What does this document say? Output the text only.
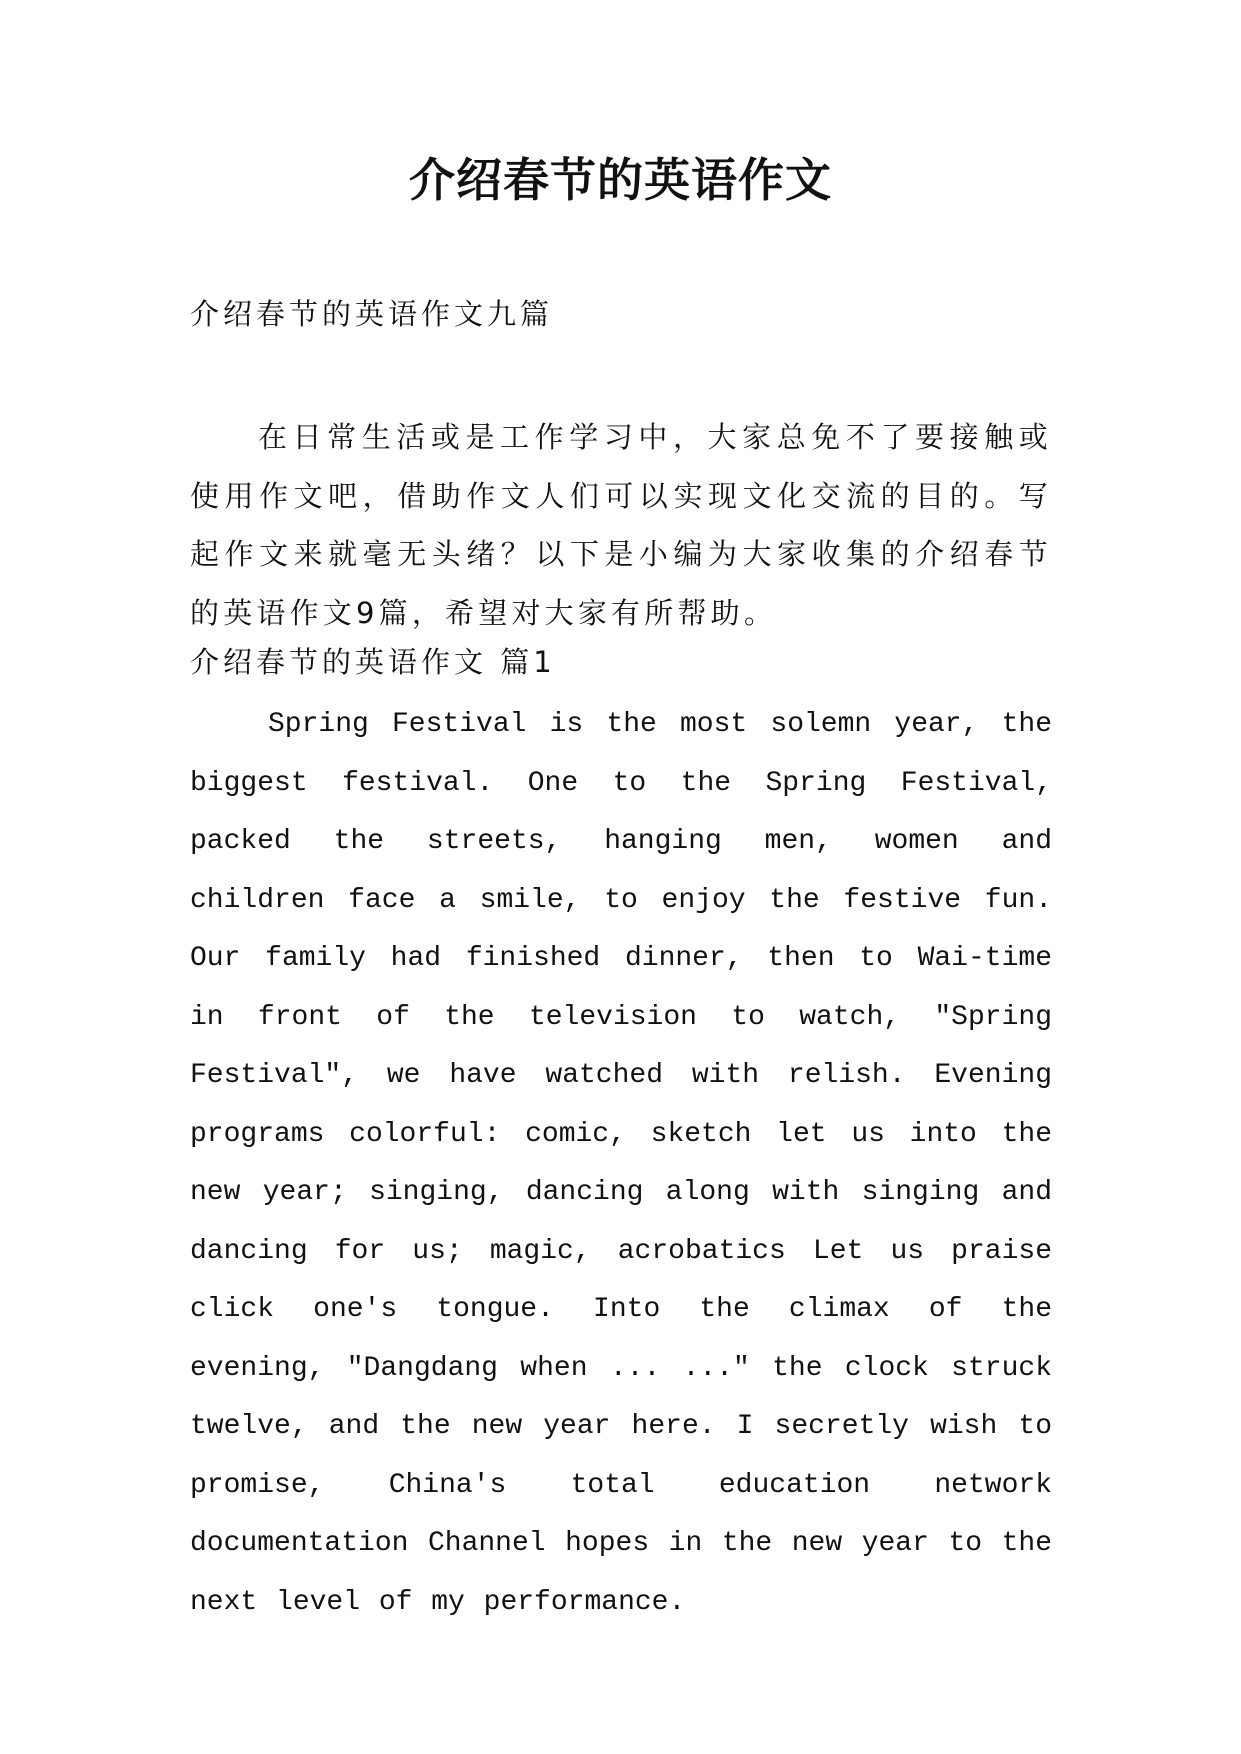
介绍春节的英语作文

介绍春节的英语作文九篇

在日常生活或是工作学习中，大家总免不了要接触或使用作文吧，借助作文人们可以实现文化交流的目的。写起作文来就毫无头绪？以下是小编为大家收集的介绍春节的英语作文9篇，希望对大家有所帮助。

介绍春节的英语作文 篇1

Spring Festival is the most solemn year, the biggest festival. One to the Spring Festival, packed the streets, hanging men, women and children face a smile, to enjoy the festive fun. Our family had finished dinner, then to Wai-time in front of the television to watch, "Spring Festival", we have watched with relish. Evening programs colorful: comic, sketch let us into the new year; singing, dancing along with singing and dancing for us; magic, acrobatics Let us praise click one's tongue. Into the climax of the evening, "Dangdang when ... ..." the clock struck twelve, and the new year here. I secretly wish to promise, China's total education network documentation Channel hopes in the new year to the next level of my performance.
